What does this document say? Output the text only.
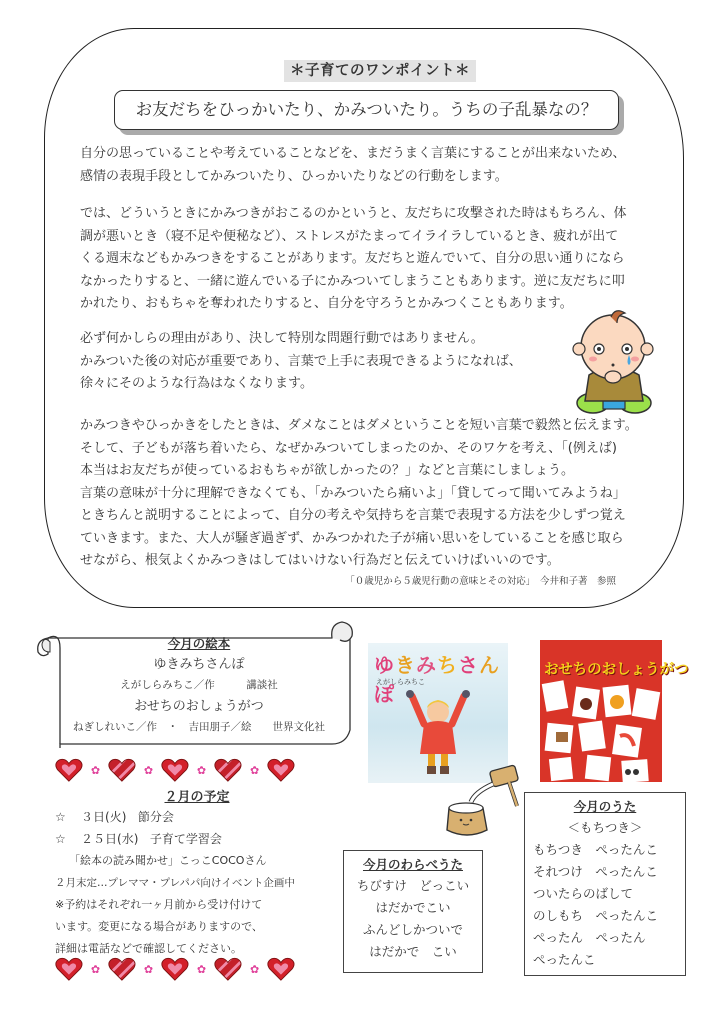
＊子育てのワンポイント＊
お友だちをひっかいたり、かみついたり。うちの子乱暴なの？
自分の思っていることや考えていることなどを、まだうまく言葉にすることが出来ないため、
感情の表現手段としてかみついたり、ひっかいたりなどの行動をします。
では、どういうときにかみつきがおこるのかというと、友だちに攻撃された時はもちろん、体
調が悪いとき（寝不足や便秘など）、ストレスがたまってイライラしているとき、疲れが出て
くる週末などもかみつきをすることがあります。友だちと遊んでいて、自分の思い通りになら
なかったりすると、一緒に遊んでいる子にかみついてしまうこともあります。逆に友だちに叩
かれたり、おもちゃを奪われたりすると、自分を守ろうとかみつくこともあります。
必ず何かしらの理由があり、決して特別な問題行動ではありません。
かみついた後の対応が重要であり、言葉で上手に表現できるようになれば、
徐々にそのような行為はなくなります。
かみつきやひっかきをしたときは、ダメなことはダメということを短い言葉で毅然と伝えます。
そして、子どもが落ち着いたら、なぜかみついてしまったのか、そのワケを考え、「(例えば)
本当はお友だちが使っているおもちゃが欲しかったの？」などと言葉にしましょう。
言葉の意味が十分に理解できなくても、「かみついたら痛いよ」「貸してって聞いてみようね」
ときちんと説明することによって、自分の考えや気持ちを言葉で表現する方法を少しずつ覚え
ていきます。また、大人が騒ぎ過ぎず、かみつかれた子が痛い思いをしていることを感じ取ら
せながら、根気よくかみつきはしてはいけない行為だと伝えていけばいいのです。
「０歳児から５歳児行動の意味とその対応」　今井和子著　参照
今月の絵本
ゆきみちさんぽ
えがしらみちこ／作　　　講談社
おせちのおしょうがつ
ねぎしれいこ／作　・　吉田朋子／絵　　世界文化社
✿	✿	✿	✿
２月の予定
☆ ３日(火) 節分会
☆ ２５日(水) 子育て学習会
「絵本の読み聞かせ」こっこCOCOさん
２月末定…プレママ・プレパパ向けイベント企画中
※予約はそれぞれ一ヶ月前から受け付けて
います。変更になる場合がありますので、
詳細は電話などで確認してください。
✿	✿	✿	✿
ゆきみちさんぽ
えがしらみちこ
おせちのおしょうがつ
今月のわらべうた
ちびすけ　どっこい
はだかでこい
ふんどしかついで
はだかで　こい
今月のうた
＜もちつき＞
もちつき　ぺったんこ
それつけ　ぺったんこ
ついたらのばして
のしもち　ぺったんこ
ぺったん　ぺったん
ぺったんこ
